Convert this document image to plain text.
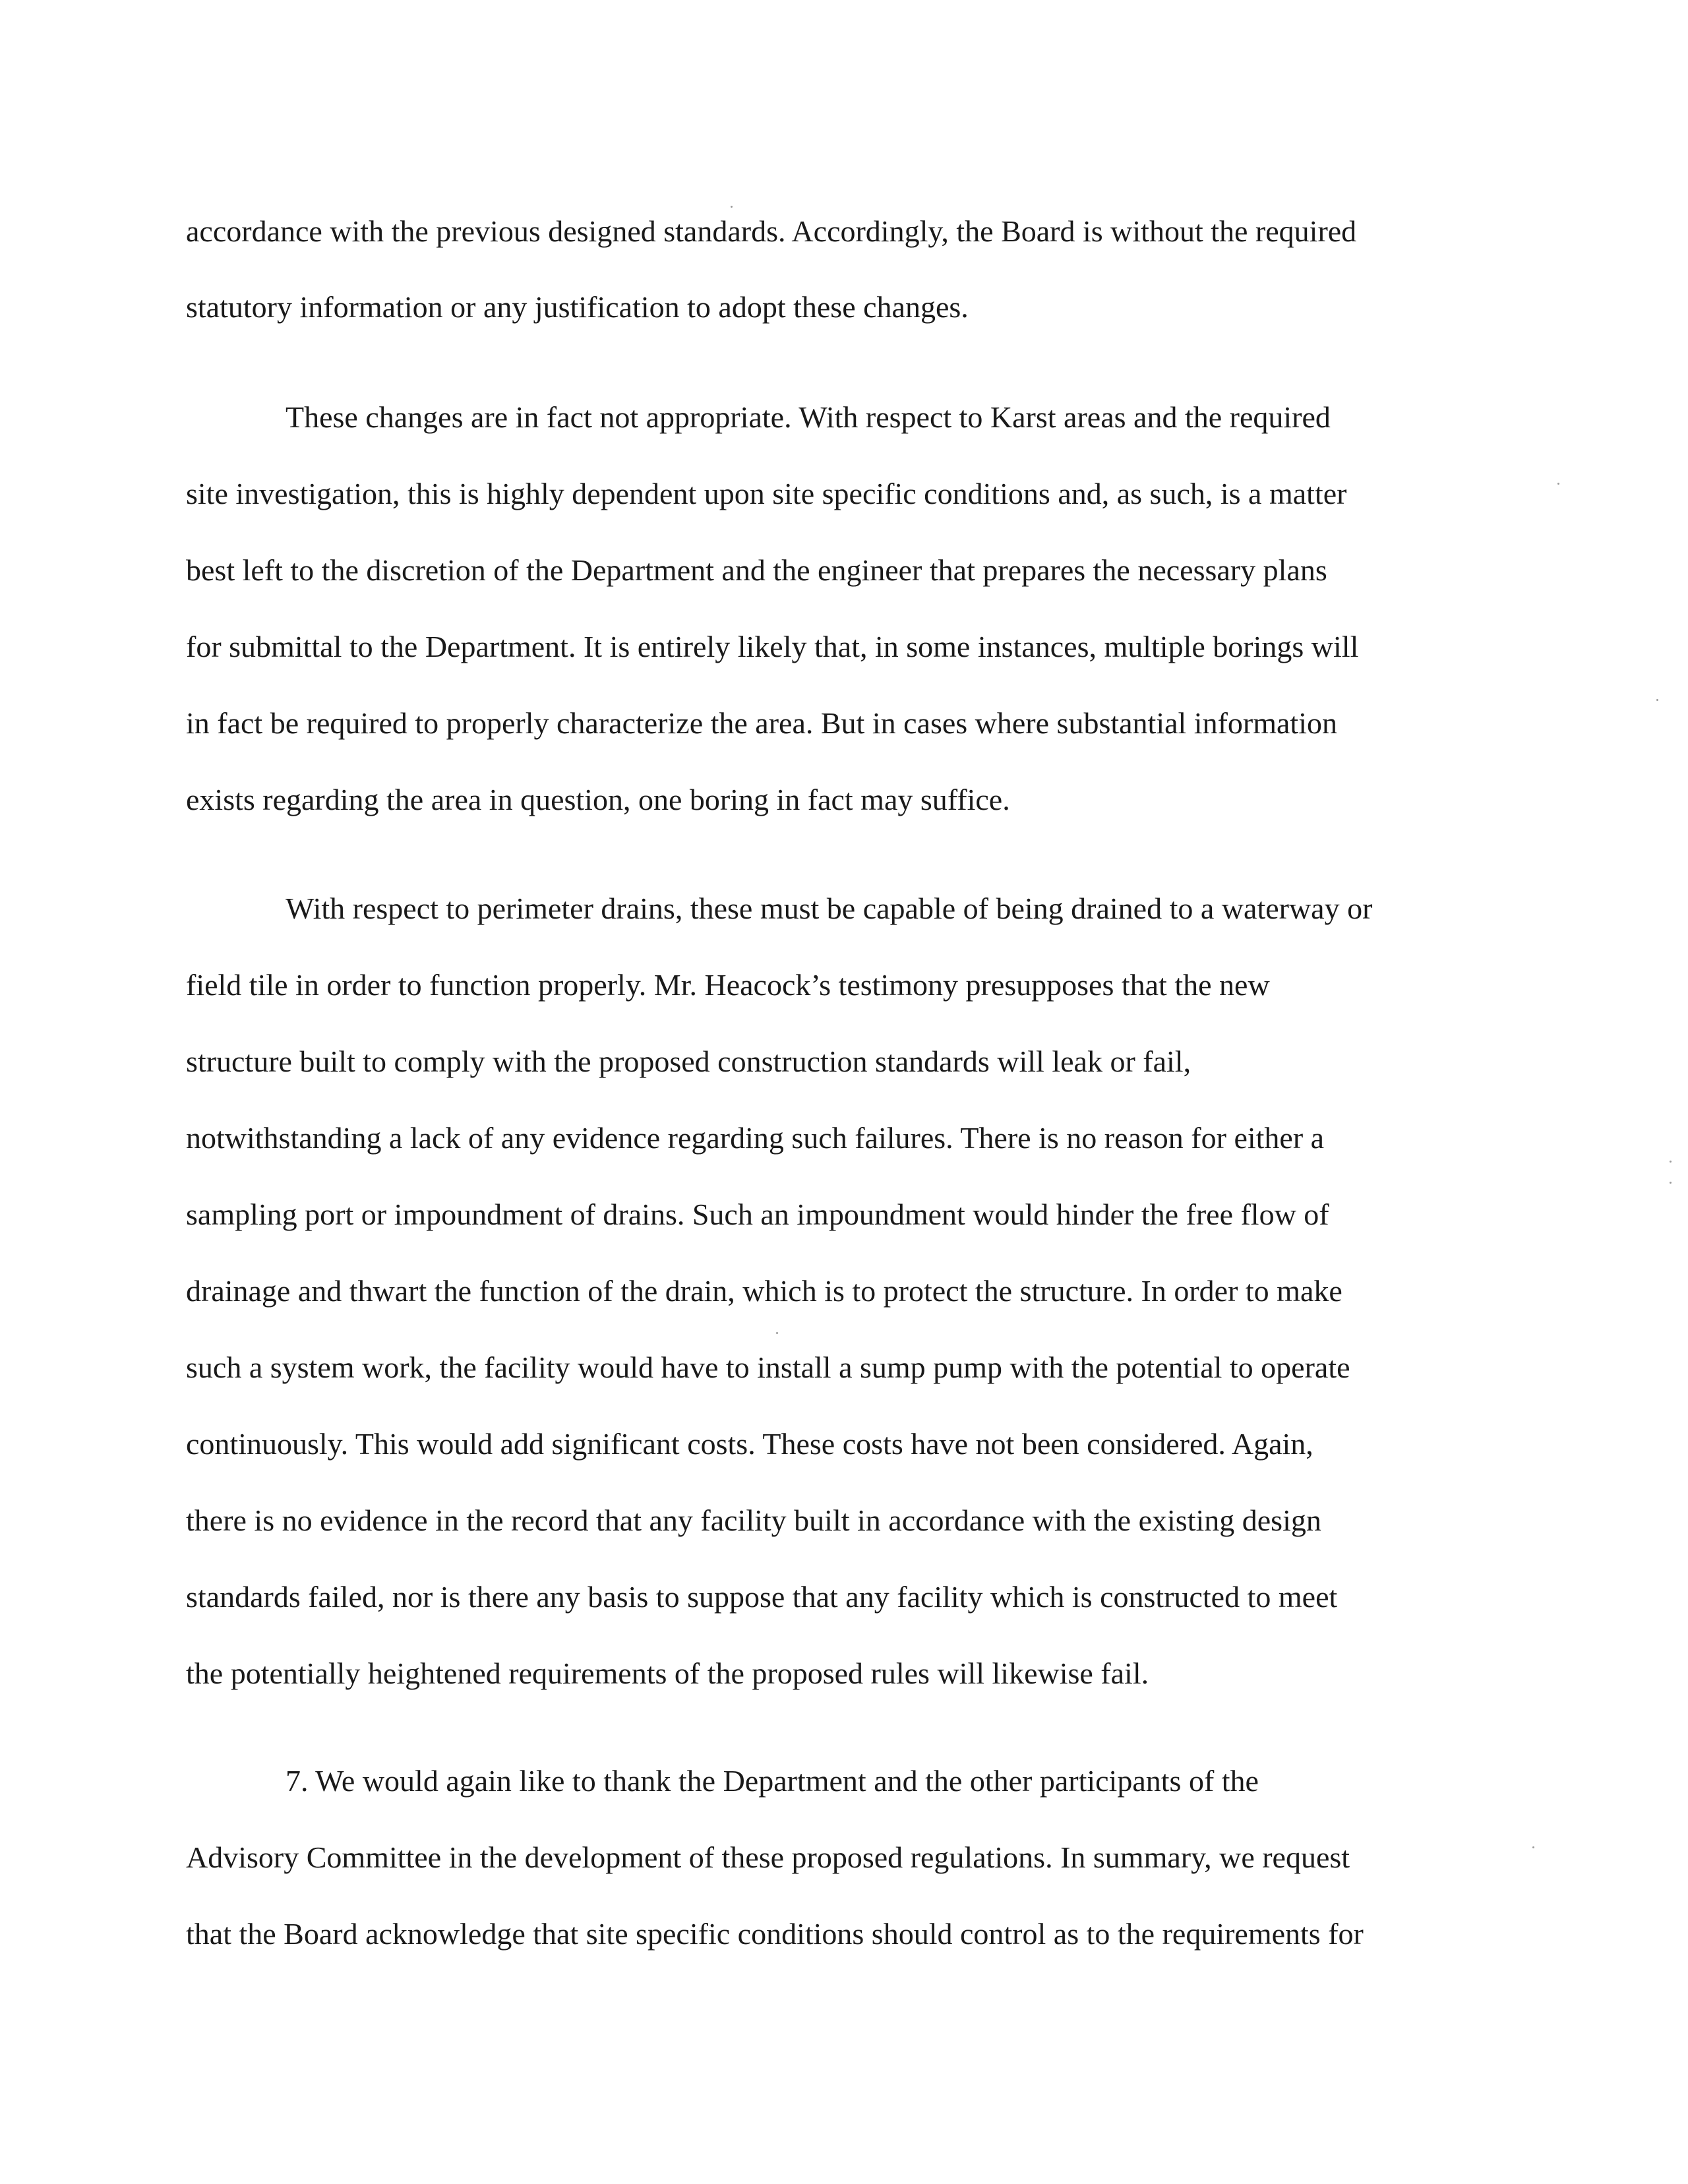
accordance with the previous designed standards. Accordingly, the Board is without the required
statutory information or any justification to adopt these changes.
These changes are in fact not appropriate. With respect to Karst areas and the required
site investigation, this is highly dependent upon site specific conditions and, as such, is a matter
best left to the discretion of the Department and the engineer that prepares the necessary plans
for submittal to the Department. It is entirely likely that, in some instances, multiple borings will
in fact be required to properly characterize the area. But in cases where substantial information
exists regarding the area in question, one boring in fact may suffice.
With respect to perimeter drains, these must be capable of being drained to a waterway or
field tile in order to function properly. Mr. Heacock’s testimony presupposes that the new
structure built to comply with the proposed construction standards will leak or fail,
notwithstanding a lack of any evidence regarding such failures. There is no reason for either a
sampling port or impoundment of drains. Such an impoundment would hinder the free flow of
drainage and thwart the function of the drain, which is to protect the structure. In order to make
such a system work, the facility would have to install a sump pump with the potential to operate
continuously. This would add significant costs. These costs have not been considered. Again,
there is no evidence in the record that any facility built in accordance with the existing design
standards failed, nor is there any basis to suppose that any facility which is constructed to meet
the potentially heightened requirements of the proposed rules will likewise fail.
7. We would again like to thank the Department and the other participants of the
Advisory Committee in the development of these proposed regulations. In summary, we request
that the Board acknowledge that site specific conditions should control as to the requirements for
